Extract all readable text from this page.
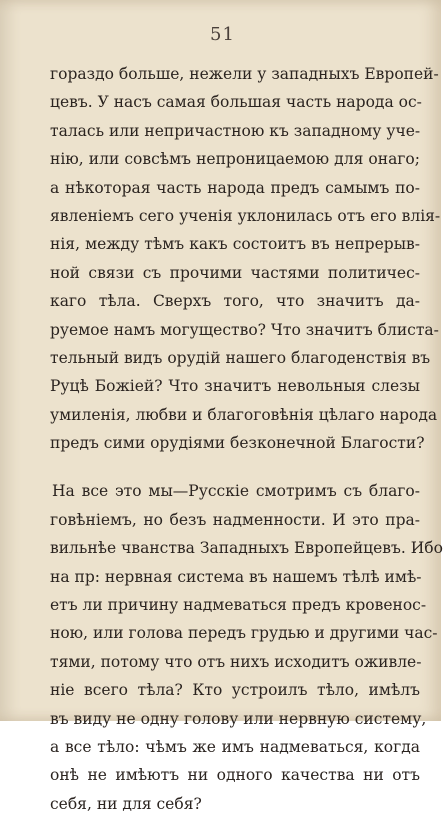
51
гораздо больше, нежели у западныхъ Европей-
цевъ. У насъ самая большая часть народа ос-
талась или непричастною къ западному уче-
нію, или совсѣмъ непроницаемою для онаго;
а нѣкоторая часть народа предъ самымъ по-
явленіемъ сего ученія уклонилась отъ его влія-
нія, между тѣмъ какъ состоитъ въ непрерыв-
ной связи съ прочими частями политичес-
каго тѣла. Сверхъ того, что значитъ да-
руемое намъ могущество? Что значитъ блиста-
тельный видъ орудій нашего благоденствія въ
Руцѣ Божіей? Что значитъ невольныя слезы
умиленія, любви и благоговѣнія цѣлаго народа
предъ сими орудіями безконечной Благости?
На все это мы—Русскіе смотримъ съ благо-
говѣніемъ, но безъ надменности. И это пра-
вильнѣе чванства Западныхъ Европейцевъ. Ибо
на пр: нервная система въ нашемъ тѣлѣ имѣ-
етъ ли причину надмеваться предъ кровенос-
ною, или голова передъ грудью и другими час-
тями, потому что отъ нихъ исходитъ оживле-
ніе всего тѣла? Кто устроилъ тѣло, имѣлъ
въ виду не одну голову или нервную систему,
а все тѣло: чѣмъ же имъ надмеваться, когда
онѣ не имѣютъ ни одного качества ни отъ
себя, ни для себя?
